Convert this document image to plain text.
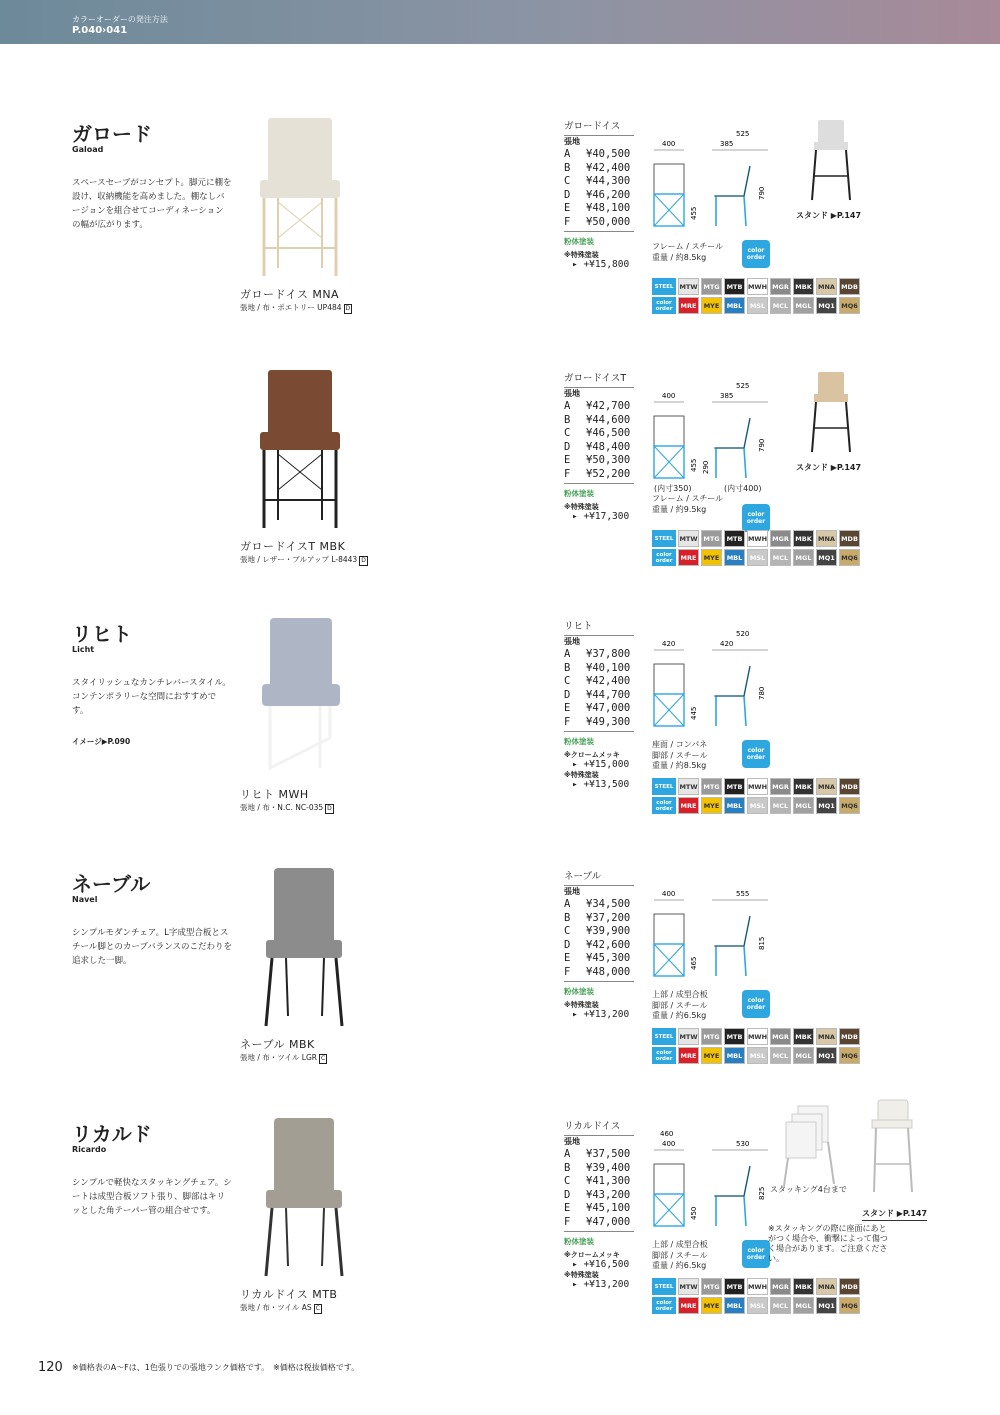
カラーオーダーの発注方法
P.040›041
ガロード
Gaload
スペースセーブがコンセプト。脚元に棚を設け、収納機能を高めました。棚なしバージョンを組合せてコーディネーションの幅が広がります。
ガロードイス MNA
張地 / 布・ポエトリー UP484 D
ガロードイス
張地
A	¥40,500
B	¥42,400
C	¥44,300
D	¥46,200
E	¥48,100
F	¥50,000
粉体塗装
※特殊塗装
▸ +¥15,800
400
525
385
455
790
フレーム / スチール
重量 / 約8.5kg
color order
STEEL MTW MTG	MTB MWH MGR MBK MNA MDB
color order	MRE	MYE	MBL	MSL	MCL	MGL	MQ1 MQ6
スタンド ▶P.147
ガロードイスT MBK
張地 / レザー・ブルアップ L-8443 D
ガロードイスT
張地
A	¥42,700
B	¥44,600
C	¥46,500
D	¥48,400
E	¥50,300
F	¥52,200
粉体塗装
※特殊塗装
▸ +¥17,300
400
525
385
455
790
290
(内寸350)	(内寸400)
フレーム / スチール
重量 / 約9.5kg
color order
STEEL MTW MTG	MTB MWH MGR MBK MNA MDB
color order	MRE	MYE	MBL	MSL	MCL	MGL	MQ1 MQ6
スタンド ▶P.147
リヒト
Licht
スタイリッシュなカンチレバースタイル。コンテンポラリーな空間におすすめです。
イメージ▶P.090
リヒト MWH
張地 / 布・N.C. NC-035 D
リヒト
張地
A	¥37,800
B	¥40,100
C	¥42,400
D	¥44,700
E	¥47,000
F	¥49,300
粉体塗装
※クロームメッキ
▸ +¥15,000
※特殊塗装
▸ +¥13,500
420
520
420
445
780
座面 / コンパネ
脚部 / スチール
重量 / 約8.5kg
color order
STEEL MTW MTG	MTB MWH MGR MBK MNA MDB
color order	MRE	MYE	MBL	MSL	MCL	MGL	MQ1 MQ6
ネーブル
Navel
シンプルモダンチェア。L字成型合板とスチール脚とのカーブバランスのこだわりを追求した一脚。
ネーブル MBK
張地 / 布・ツイル LGR C
ネーブル
張地
A	¥34,500
B	¥37,200
C	¥39,900
D	¥42,600
E	¥45,300
F	¥48,000
粉体塗装
※特殊塗装
▸ +¥13,200
400	555
465
815
上部 / 成型合板
脚部 / スチール
重量 / 約6.5kg
color order
STEEL MTW MTG	MTB MWH MGR MBK MNA MDB
color order	MRE	MYE	MBL	MSL	MCL	MGL	MQ1 MQ6
リカルド
Ricardo
シンプルで軽快なスタッキングチェア。シートは成型合板ソフト張り、脚部はキリッとした角テーパー管の組合せです。
リカルドイス MTB
張地 / 布・ツイル AS C
リカルドイス
張地
A	¥37,500
B	¥39,400
C	¥41,300
D	¥43,200
E	¥45,100
F	¥47,000
粉体塗装
※クロームメッキ
▸ +¥16,500
※特殊塗装
▸ +¥13,200
400	530
460
450
825
上部 / 成型合板
脚部 / スチール
重量 / 約6.5kg
color order
STEEL MTW MTG	MTB MWH MGR MBK MNA MDB
color order	MRE	MYE	MBL	MSL	MCL	MGL	MQ1 MQ6
スタッキング4台まで
スタンド ▶P.147
※スタッキングの際に座面にあとがつく場合や、衝撃によって傷つく場合があります。ご注意ください。
120 ※価格表のA〜Fは、1色張りでの張地ランク価格です。　※価格は税抜価格です。
